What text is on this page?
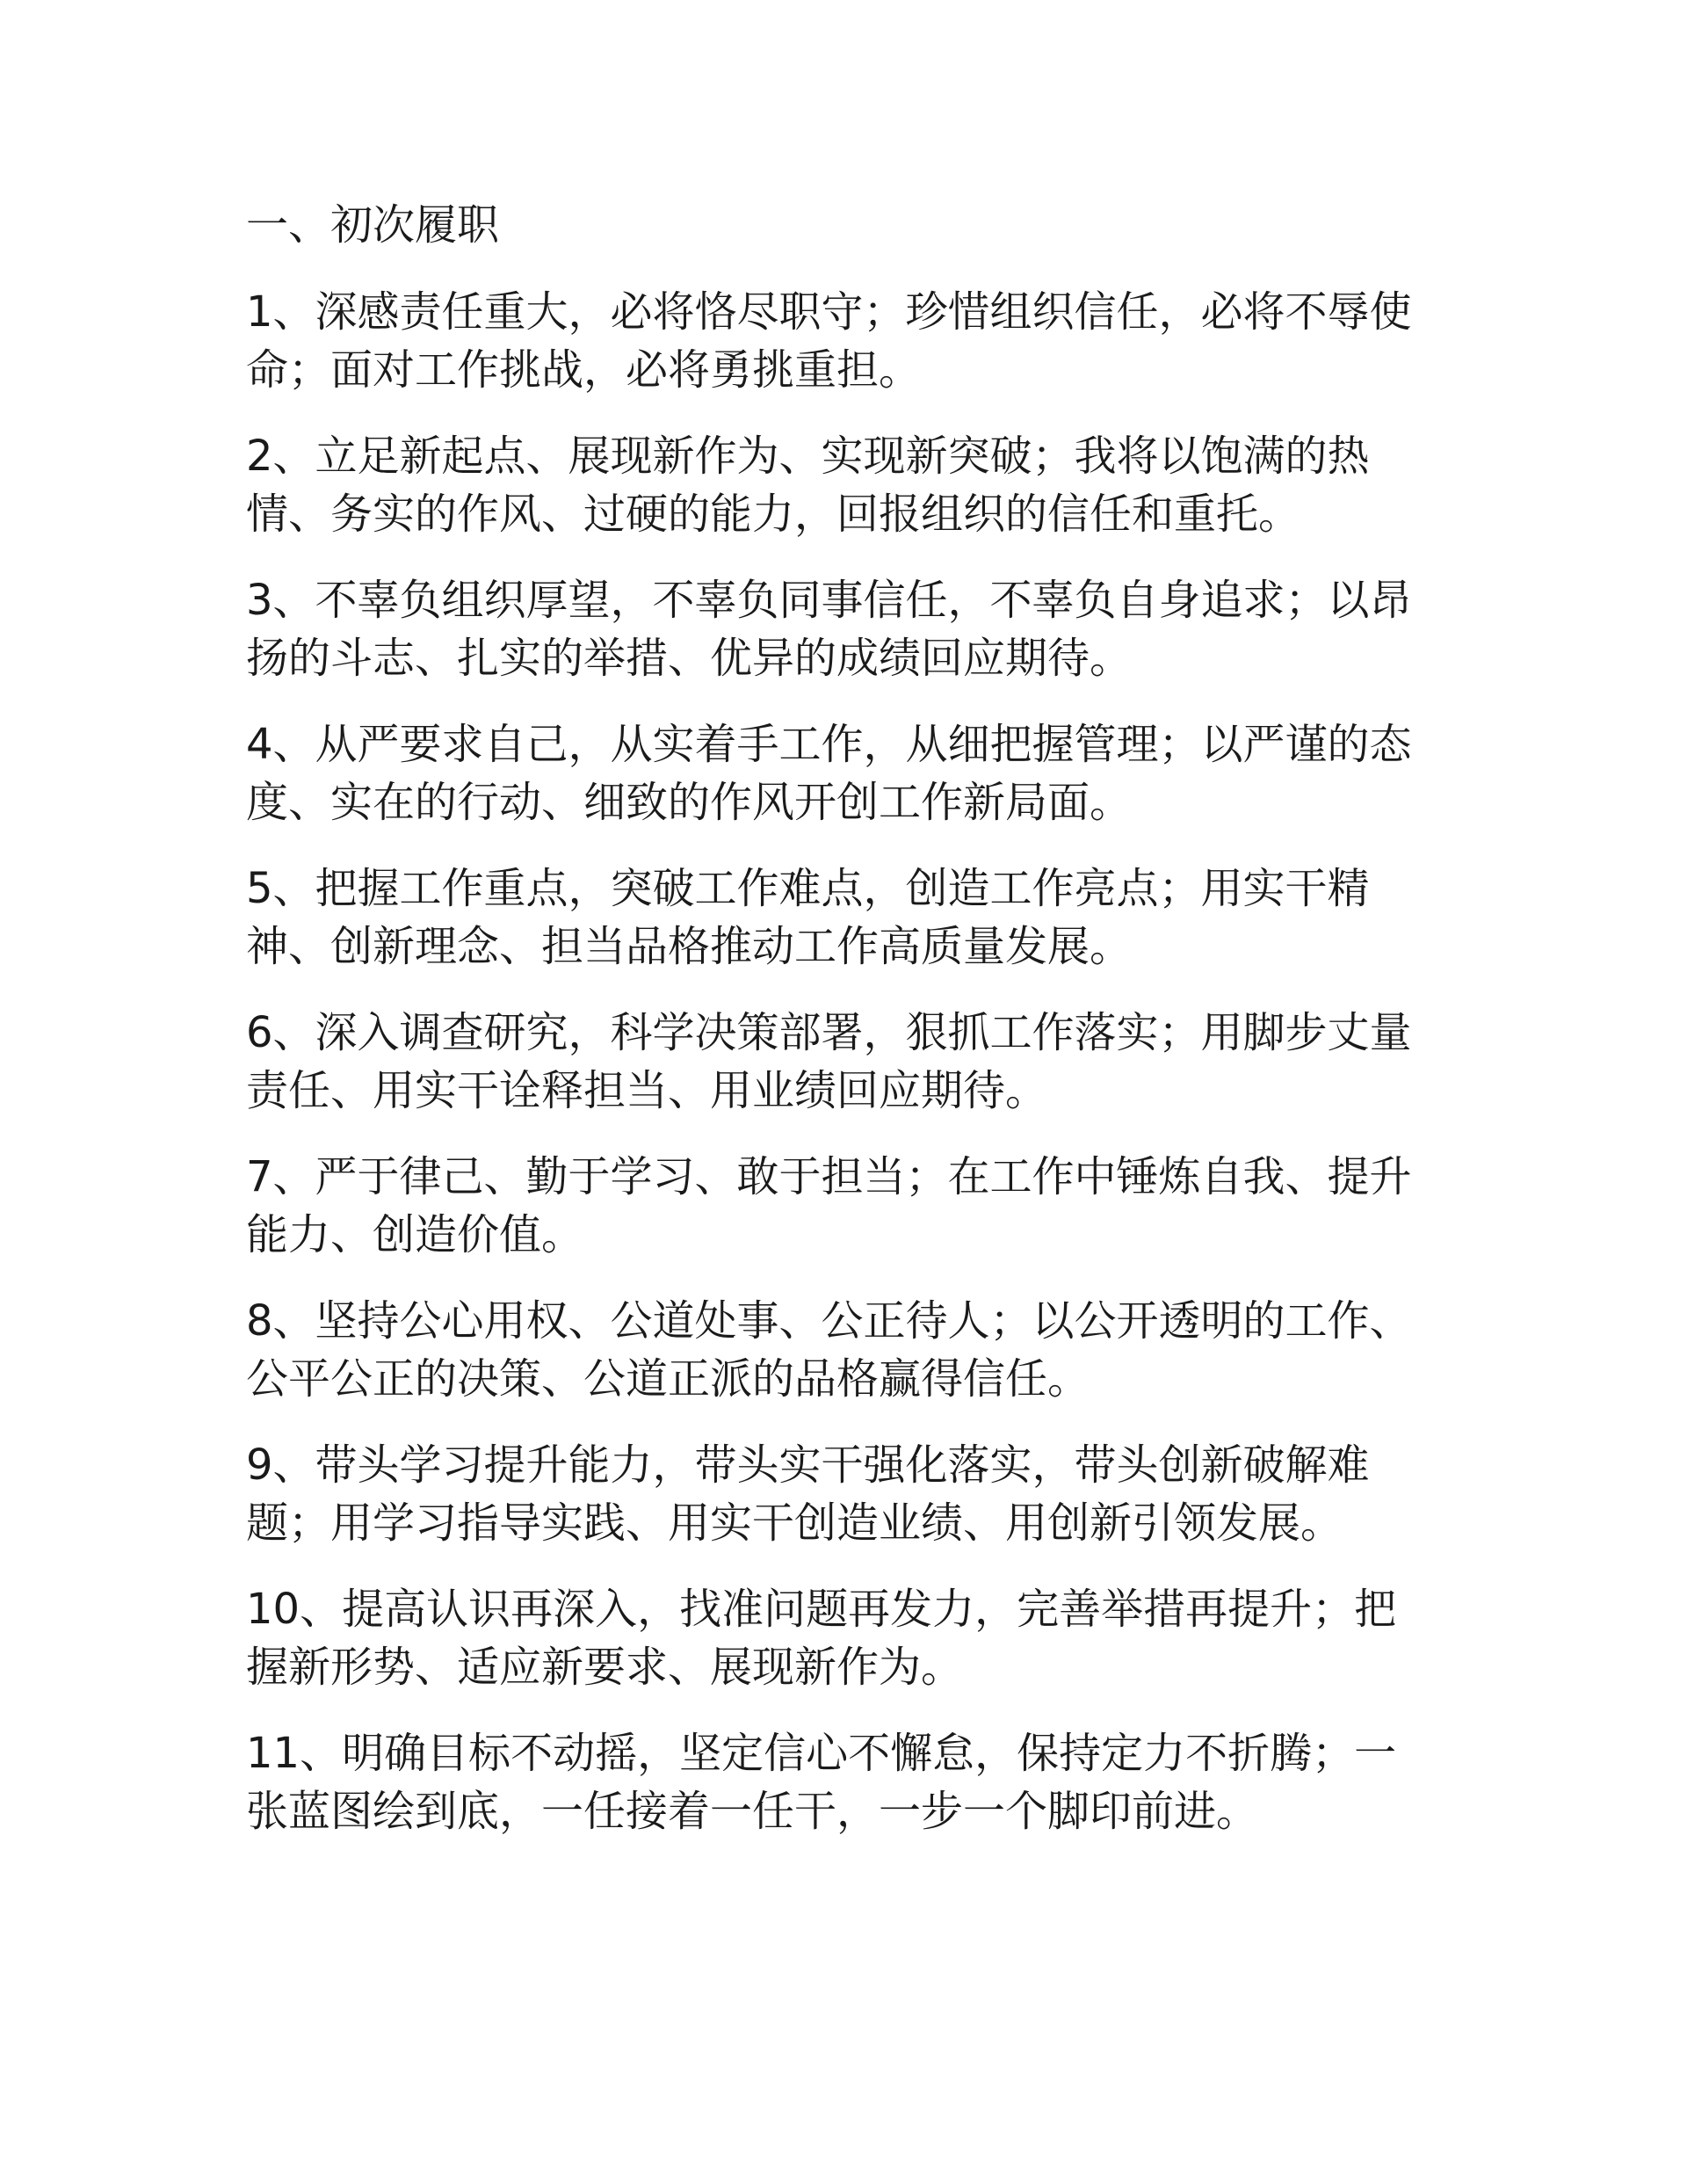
一、初次履职
1、深感责任重大，必将恪尽职守；珍惜组织信任，必将不辱使命；面对工作挑战，必将勇挑重担。
2、立足新起点、展现新作为、实现新突破；我将以饱满的热情、务实的作风、过硬的能力，回报组织的信任和重托。
3、不辜负组织厚望，不辜负同事信任，不辜负自身追求；以昂扬的斗志、扎实的举措、优异的成绩回应期待。
4、从严要求自己，从实着手工作，从细把握管理；以严谨的态度、实在的行动、细致的作风开创工作新局面。
5、把握工作重点，突破工作难点，创造工作亮点；用实干精神、创新理念、担当品格推动工作高质量发展。
6、深入调查研究，科学决策部署，狠抓工作落实；用脚步丈量责任、用实干诠释担当、用业绩回应期待。
7、严于律己、勤于学习、敢于担当；在工作中锤炼自我、提升能力、创造价值。
8、坚持公心用权、公道处事、公正待人；以公开透明的工作、公平公正的决策、公道正派的品格赢得信任。
9、带头学习提升能力，带头实干强化落实，带头创新破解难题；用学习指导实践、用实干创造业绩、用创新引领发展。
10、提高认识再深入，找准问题再发力，完善举措再提升；把握新形势、适应新要求、展现新作为。
11、明确目标不动摇，坚定信心不懈怠，保持定力不折腾；一张蓝图绘到底，一任接着一任干，一步一个脚印前进。
